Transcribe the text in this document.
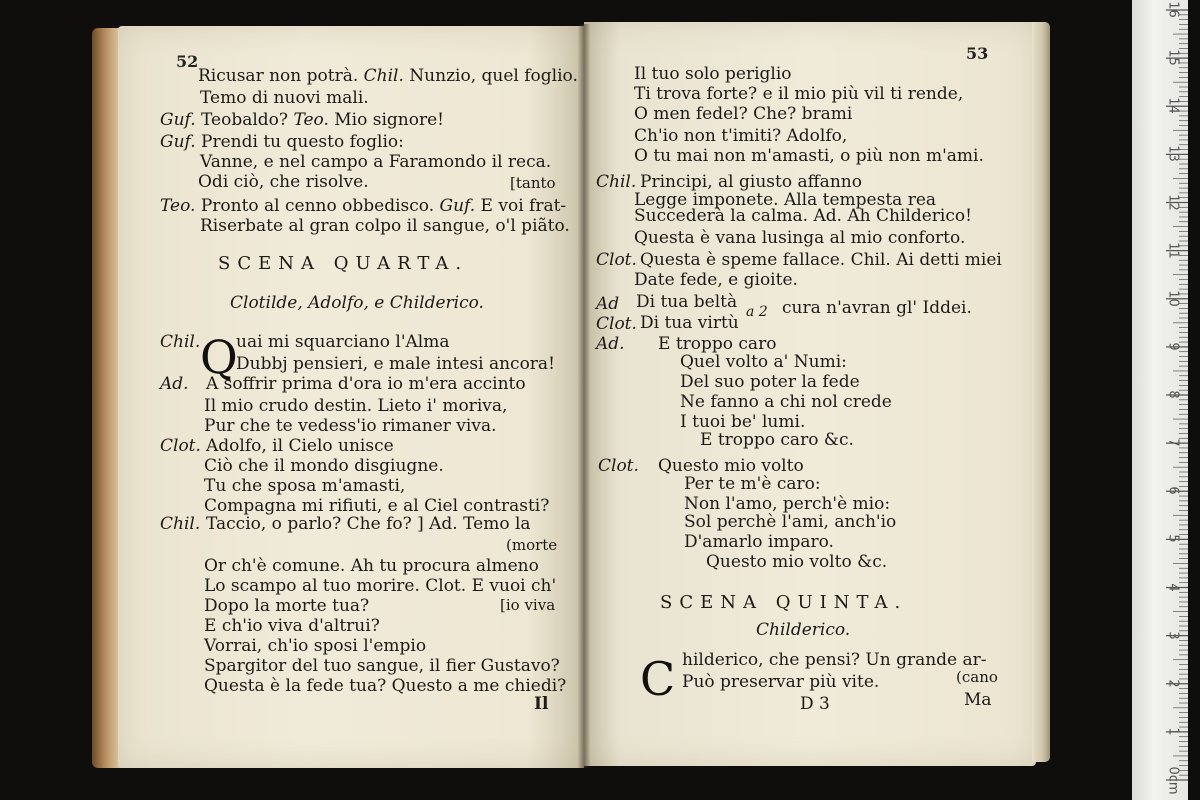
52
Ricusar non potrà. Chil. Nunzio, quel foglio.
Temo di nuovi mali.
Guf. Teobaldo? Teo. Mio signore!
Guf. Prendi tu questo foglio:
Vanne, e nel campo a Faramondo il reca.
Odi ciò, che risolve.
Teo. Pronto al cenno obbedisco. Guf. E voi frat-
Riserbate al gran colpo il sangue, o'l piãto.
[tanto
SCENA QUARTA.
Clotilde, Adolfo, e Childerico.
Q
Chil. uai mi squarciano l'Alma
Dubbj pensieri, e male intesi ancora!
Ad. A soffrir prima d'ora io m'era accinto
Il mio crudo destin. Lieto i' moriva,
Pur che te vedess'io rimaner viva.
Clot. Adolfo, il Cielo unisce
Ciò che il mondo disgiugne.
Tu che sposa m'amasti,
Compagna mi rifiuti, e al Ciel contrasti?
Chil. Taccio, o parlo? Che fo? ] Ad. Temo la
Or ch'è comune. Ah tu procura almeno
Lo scampo al tuo morire. Clot. E vuoi ch'
Dopo la morte tua?
E ch'io viva d'altrui?
Vorrai, ch'io sposi l'empio
Spargitor del tuo sangue, il fier Gustavo?
Questa è la fede tua? Questo a me chiedi?
(morte
[io viva
Il
53
Il tuo solo periglio
Ti trova forte? e il mio più vil ti rende,
O men fedel? Che? brami
Ch'io non t'imiti? Adolfo,
O tu mai non m'amasti, o più non m'ami.
Chil. Principi, al giusto affanno
Legge imponete. Alla tempesta rea
Succederà la calma. Ad. Ah Childerico!
Questa è vana lusinga al mio conforto.
Clot. Questa è speme fallace. Chil. Ai detti miei
Date fede, e gioite.
Ad Di tua beltà
Clot. Di tua virtù
a 2 cura n'avran gl' Iddei.
Ad. E troppo caro
Quel volto a' Numi:
Del suo poter la fede
Ne fanno a chi nol crede
I tuoi be' lumi.
E troppo caro &c.
Clot. Questo mio volto
Per te m'è caro:
Non l'amo, perch'è mio:
Sol perchè l'ami, anch'io
D'amarlo imparo.
Questo mio volto &c.
SCENA QUINTA.
Childerico.
C hilderico, che pensi? Un grande ar-
Può preservar più vite.	(cano
D 3	Ma
16
15
14
13
12
11
10
9
8
7
6
5
4
3
2
1
0cm
